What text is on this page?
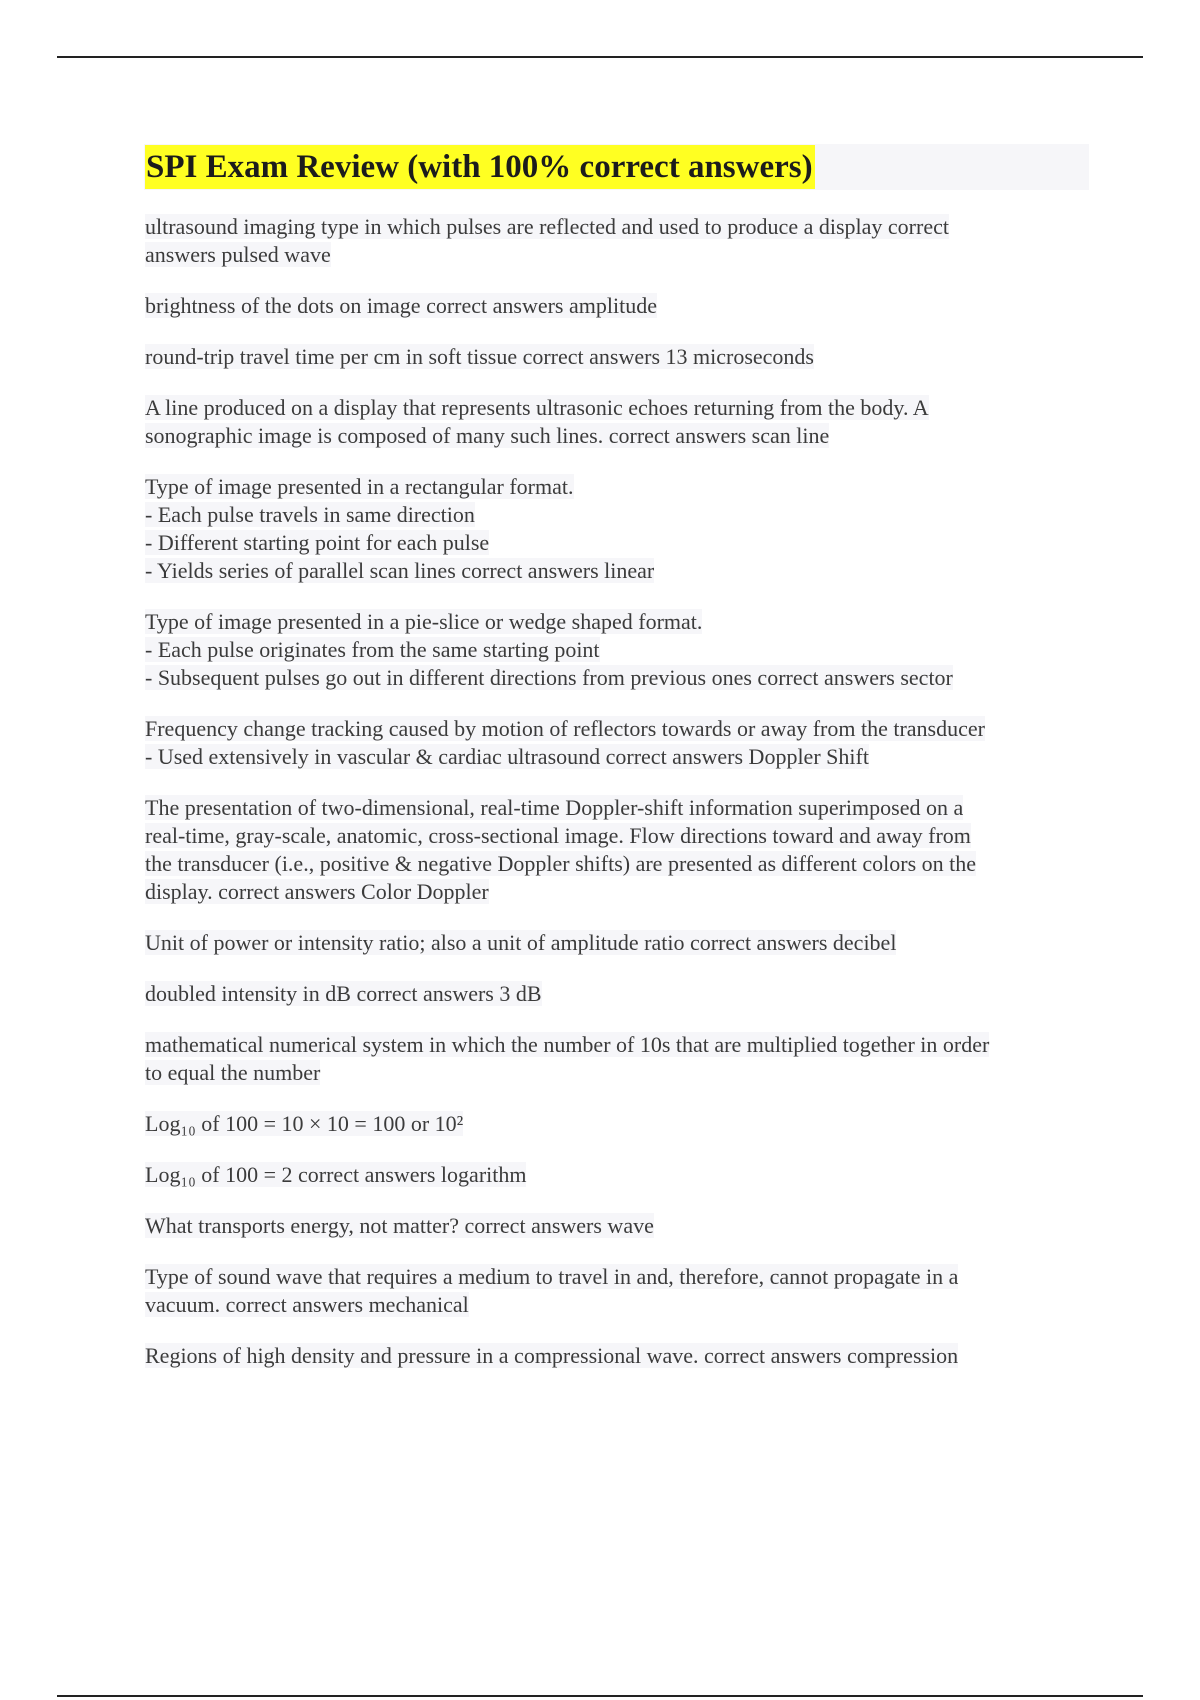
SPI Exam Review (with 100% correct answers)
ultrasound imaging type in which pulses are reflected and used to produce a display correct
answers pulsed wave
brightness of the dots on image correct answers amplitude
round-trip travel time per cm in soft tissue correct answers 13 microseconds
A line produced on a display that represents ultrasonic echoes returning from the body. A
sonographic image is composed of many such lines. correct answers scan line
Type of image presented in a rectangular format.
- Each pulse travels in same direction
- Different starting point for each pulse
- Yields series of parallel scan lines correct answers linear
Type of image presented in a pie-slice or wedge shaped format.
- Each pulse originates from the same starting point
- Subsequent pulses go out in different directions from previous ones correct answers sector
Frequency change tracking caused by motion of reflectors towards or away from the transducer
- Used extensively in vascular & cardiac ultrasound correct answers Doppler Shift
The presentation of two-dimensional, real-time Doppler-shift information superimposed on a
real-time, gray-scale, anatomic, cross-sectional image. Flow directions toward and away from
the transducer (i.e., positive & negative Doppler shifts) are presented as different colors on the
display. correct answers Color Doppler
Unit of power or intensity ratio; also a unit of amplitude ratio correct answers decibel
doubled intensity in dB correct answers 3 dB
mathematical numerical system in which the number of 10s that are multiplied together in order
to equal the number
Log₁₀ of 100 = 10 × 10 = 100 or 10²
Log₁₀ of 100 = 2 correct answers logarithm
What transports energy, not matter? correct answers wave
Type of sound wave that requires a medium to travel in and, therefore, cannot propagate in a
vacuum. correct answers mechanical
Regions of high density and pressure in a compressional wave. correct answers compression
